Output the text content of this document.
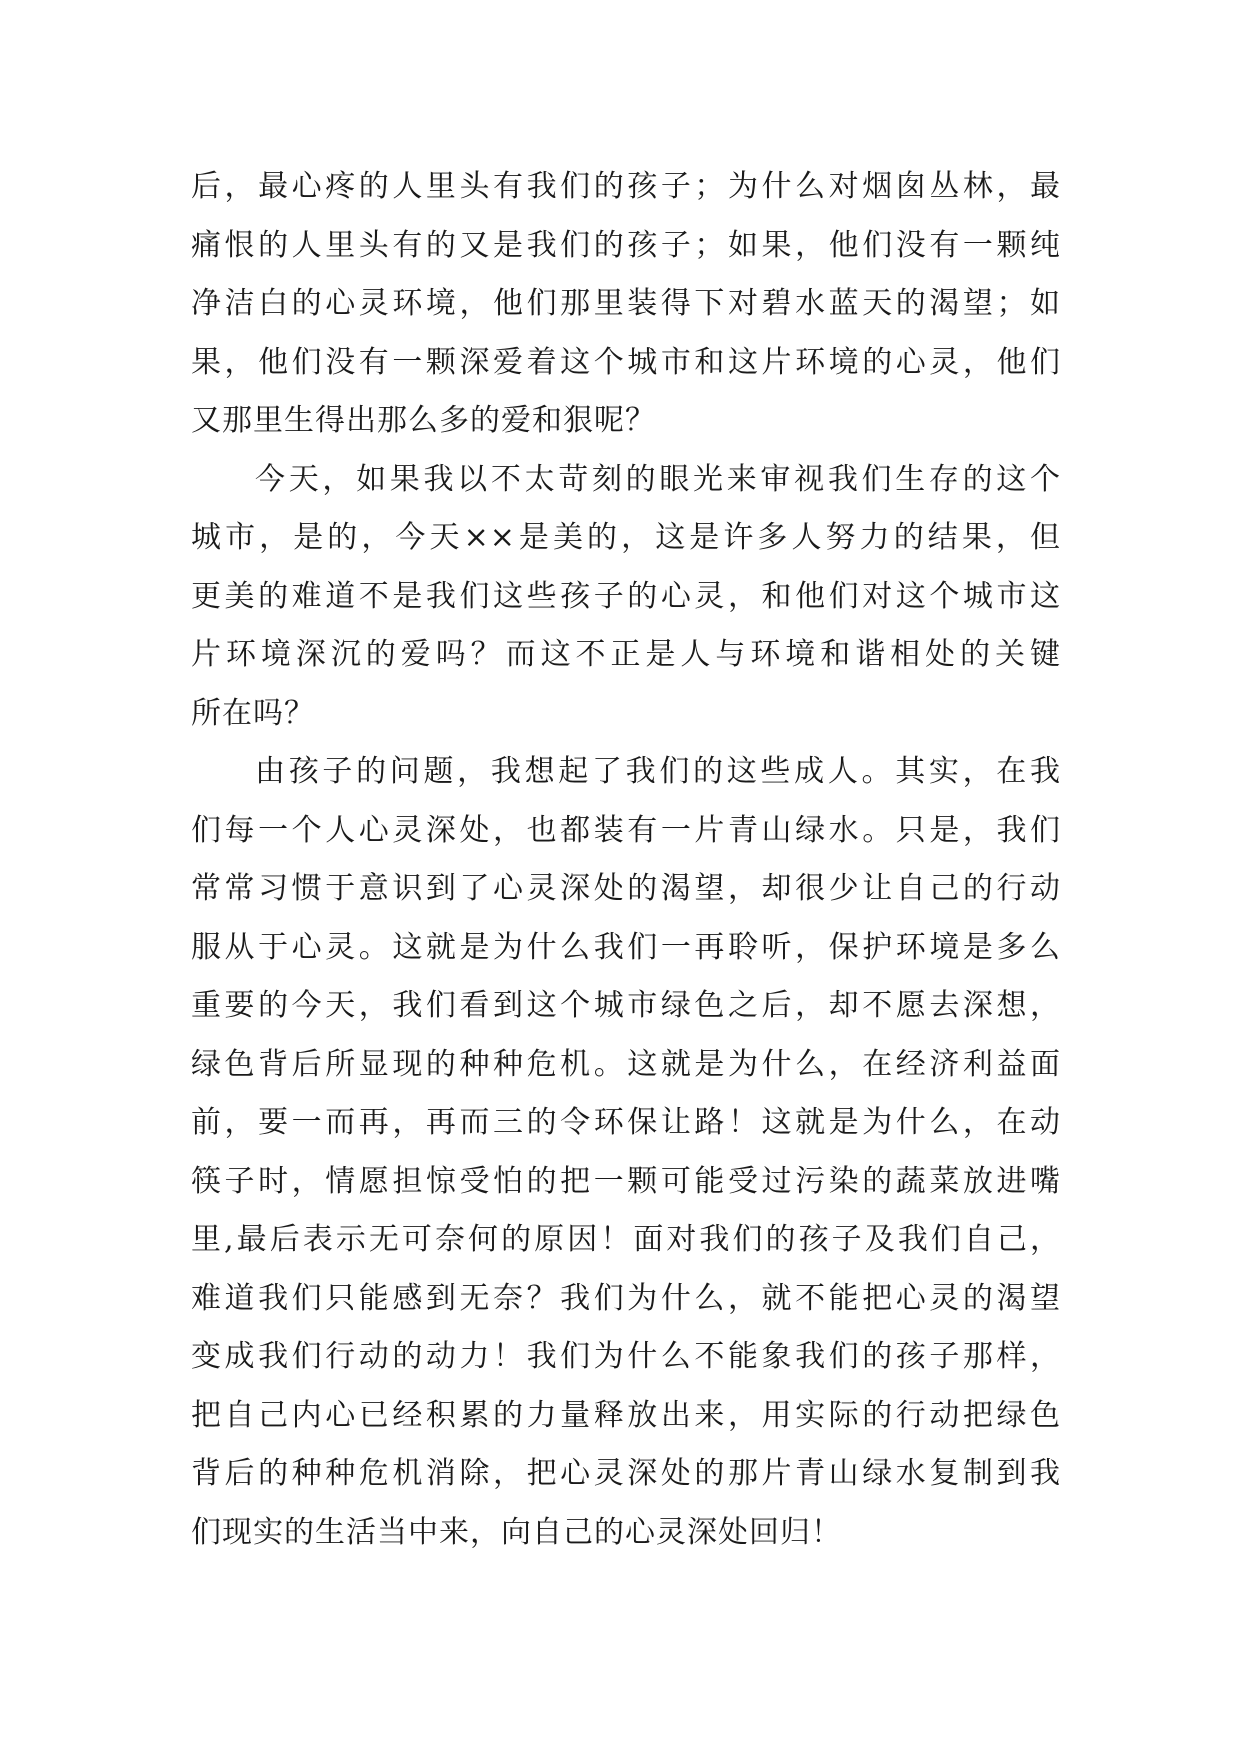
后，最心疼的人里头有我们的孩子；为什么对烟囱丛林，最
痛恨的人里头有的又是我们的孩子；如果，他们没有一颗纯
净洁白的心灵环境，他们那里装得下对碧水蓝天的渴望；如
果，他们没有一颗深爱着这个城市和这片环境的心灵，他们
又那里生得出那么多的爱和狠呢？
今天，如果我以不太苛刻的眼光来审视我们生存的这个
城市，是的，今天××是美的，这是许多人努力的结果，但
更美的难道不是我们这些孩子的心灵，和他们对这个城市这
片环境深沉的爱吗？而这不正是人与环境和谐相处的关键
所在吗？
由孩子的问题，我想起了我们的这些成人。其实，在我
们每一个人心灵深处，也都装有一片青山绿水。只是，我们
常常习惯于意识到了心灵深处的渴望，却很少让自己的行动
服从于心灵。这就是为什么我们一再聆听，保护环境是多么
重要的今天，我们看到这个城市绿色之后，却不愿去深想，
绿色背后所显现的种种危机。这就是为什么，在经济利益面
前，要一而再，再而三的令环保让路！这就是为什么，在动
筷子时，情愿担惊受怕的把一颗可能受过污染的蔬菜放进嘴
里,最后表示无可奈何的原因！面对我们的孩子及我们自己，
难道我们只能感到无奈？我们为什么，就不能把心灵的渴望
变成我们行动的动力！我们为什么不能象我们的孩子那样，
把自己内心已经积累的力量释放出来，用实际的行动把绿色
背后的种种危机消除，把心灵深处的那片青山绿水复制到我
们现实的生活当中来，向自己的心灵深处回归！
